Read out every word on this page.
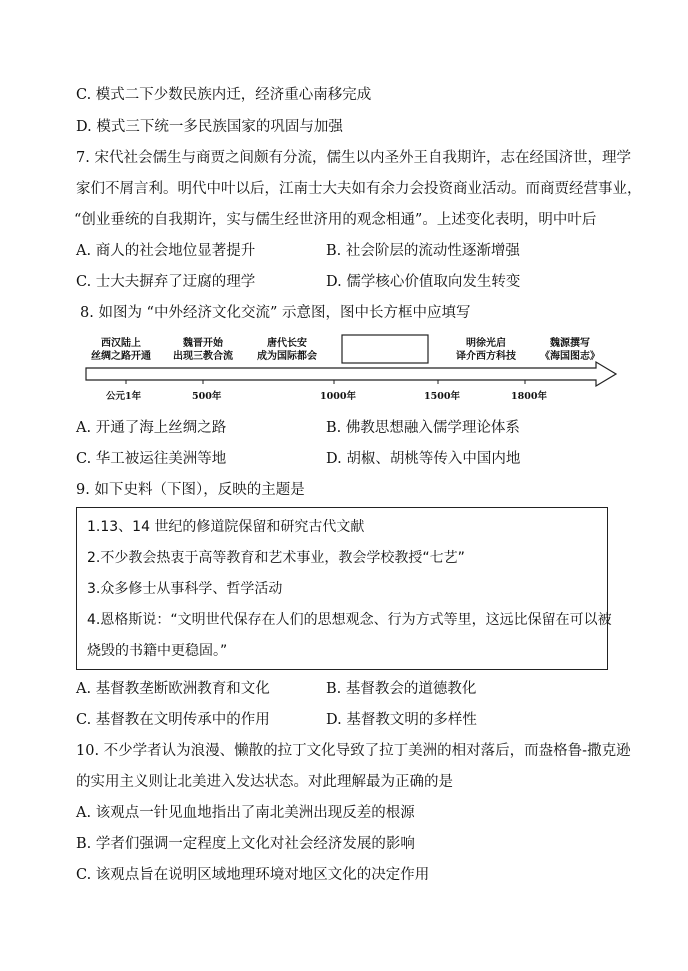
C. 模式二下少数民族内迁，经济重心南移完成
D. 模式三下统一多民族国家的巩固与加强
7. 宋代社会儒生与商贾之间颇有分流，儒生以内圣外王自我期许，志在经国济世，理学
家们不屑言利。明代中叶以后，江南士大夫如有余力会投资商业活动。而商贾经营事业，
“创业垂统的自我期许，实与儒生经世济用的观念相通”。上述变化表明，明中叶后
A. 商人的社会地位显著提升	B. 社会阶层的流动性逐渐增强
C. 士大夫摒弃了迂腐的理学	D. 儒学核心价值取向发生转变
8. 如图为 “中外经济文化交流” 示意图，图中长方框中应填写
西汉陆上
丝绸之路开通
魏晋开始
出现三教合流
唐代长安
成为国际都会
明徐光启
译介西方科技
魏源撰写
《海国图志》
公元1年	500年	1000年	1500年	1800年
A. 开通了海上丝绸之路	B. 佛教思想融入儒学理论体系
C. 华工被运往美洲等地	D. 胡椒、胡桃等传入中国内地
9. 如下史料（下图），反映的主题是
1.13、14 世纪的修道院保留和研究古代文献
2.不少教会热衷于高等教育和艺术事业，教会学校教授“七艺”
3.众多修士从事科学、哲学活动
4.恩格斯说：“文明世代保存在人们的思想观念、行为方式等里，这远比保留在可以被
烧毁的书籍中更稳固。”
A. 基督教垄断欧洲教育和文化	B. 基督教会的道德教化
C. 基督教在文明传承中的作用	D. 基督教文明的多样性
10. 不少学者认为浪漫、懒散的拉丁文化导致了拉丁美洲的相对落后，而盎格鲁-撒克逊
的实用主义则让北美进入发达状态。对此理解最为正确的是
A. 该观点一针见血地指出了南北美洲出现反差的根源
B. 学者们强调一定程度上文化对社会经济发展的影响
C. 该观点旨在说明区域地理环境对地区文化的决定作用
